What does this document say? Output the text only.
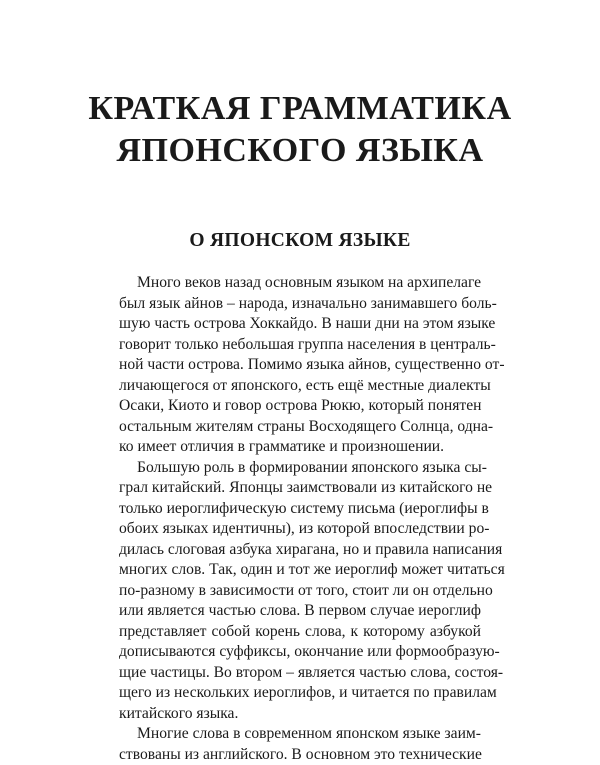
КРАТКАЯ ГРАММАТИКА
ЯПОНСКОГО ЯЗЫКА
О ЯПОНСКОМ ЯЗЫКЕ
Много веков назад основным языком на архипелаге
был язык айнов – народа, изначально занимавшего боль-
шую часть острова Хоккайдо. В наши дни на этом языке
говорит только небольшая группа населения в централь-
ной части острова. Помимо языка айнов, существенно от-
личающегося от японского, есть ещё местные диалекты
Осаки, Киото и говор острова Рюкю, который понятен
остальным жителям страны Восходящего Солнца, одна-
ко имеет отличия в грамматике и произношении.
Большую роль в формировании японского языка сы-
грал китайский. Японцы заимствовали из китайского не
только иероглифическую систему письма (иероглифы в
обоих языках идентичны), из которой впоследствии ро-
дилась слоговая азбука хирагана, но и правила написания
многих слов. Так, один и тот же иероглиф может читаться
по-разному в зависимости от того, стоит ли он отдельно
или является частью слова. В первом случае иероглиф
представляет собой корень слова, к которому азбукой
дописываются суффиксы, окончание или формообразую-
щие частицы. Во втором – является частью слова, состоя-
щего из нескольких иероглифов, и читается по правилам
китайского языка.
Многие слова в современном японском языке заим-
ствованы из английского. В основном это технические
